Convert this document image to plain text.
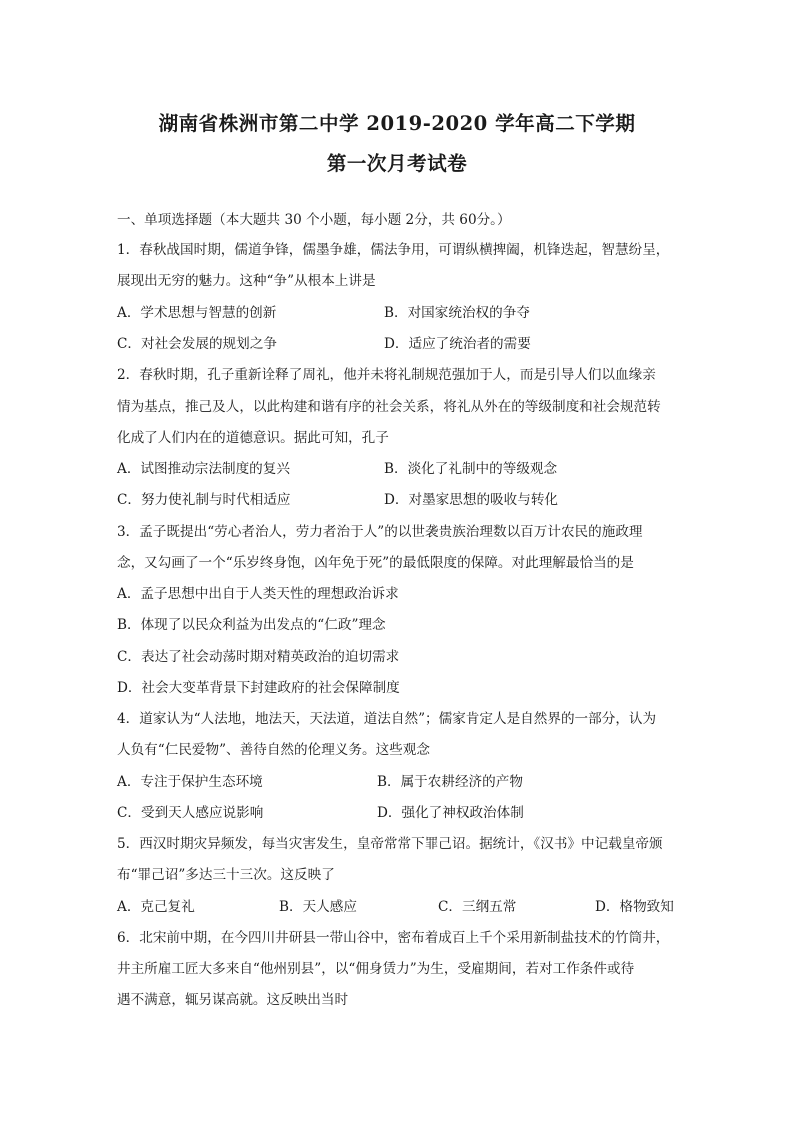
湖南省株洲市第二中学 2019-2020 学年高二下学期
第一次月考试卷
一、单项选择题（本大题共 30 个小题，每小题 2分，共 60分。）
1．春秋战国时期，儒道争锋，儒墨争雄，儒法争用，可谓纵横捭阖，机锋迭起，智慧纷呈，
展现出无穷的魅力。这种“争”从根本上讲是
A．学术思想与智慧的创新	B．对国家统治权的争夺
C．对社会发展的规划之争	D．适应了统治者的需要
2．春秋时期，孔子重新诠释了周礼，他并未将礼制规范强加于人，而是引导人们以血缘亲
情为基点，推己及人，以此构建和谐有序的社会关系，将礼从外在的等级制度和社会规范转
化成了人们内在的道德意识。据此可知，孔子
A．试图推动宗法制度的复兴	B．淡化了礼制中的等级观念
C．努力使礼制与时代相适应	D．对墨家思想的吸收与转化
3．孟子既提出“劳心者治人，劳力者治于人”的以世袭贵族治理数以百万计农民的施政理
念，又勾画了一个“乐岁终身饱，凶年免于死”的最低限度的保障。对此理解最恰当的是
A．孟子思想中出自于人类天性的理想政治诉求
B．体现了以民众利益为出发点的“仁政”理念
C．表达了社会动荡时期对精英政治的迫切需求
D．社会大变革背景下封建政府的社会保障制度
4．道家认为“人法地，地法天，天法道，道法自然”；儒家肯定人是自然界的一部分，认为
人负有“仁民爱物”、善待自然的伦理义务。这些观念
A．专注于保护生态环境	B．属于农耕经济的产物
C．受到天人感应说影响	D．强化了神权政治体制
5．西汉时期灾异频发，每当灾害发生，皇帝常常下罪己诏。据统计，《汉书》中记载皇帝颁
布“罪己诏”多达三十三次。这反映了
A．克己复礼	B．天人感应	C．三纲五常	D．格物致知
6．北宋前中期，在今四川井研县一带山谷中，密布着成百上千个采用新制盐技术的竹筒井，
井主所雇工匠大多来自“他州别县”，以“佣身赁力”为生，受雇期间，若对工作条件或待
遇不满意，辄另谋高就。这反映出当时
